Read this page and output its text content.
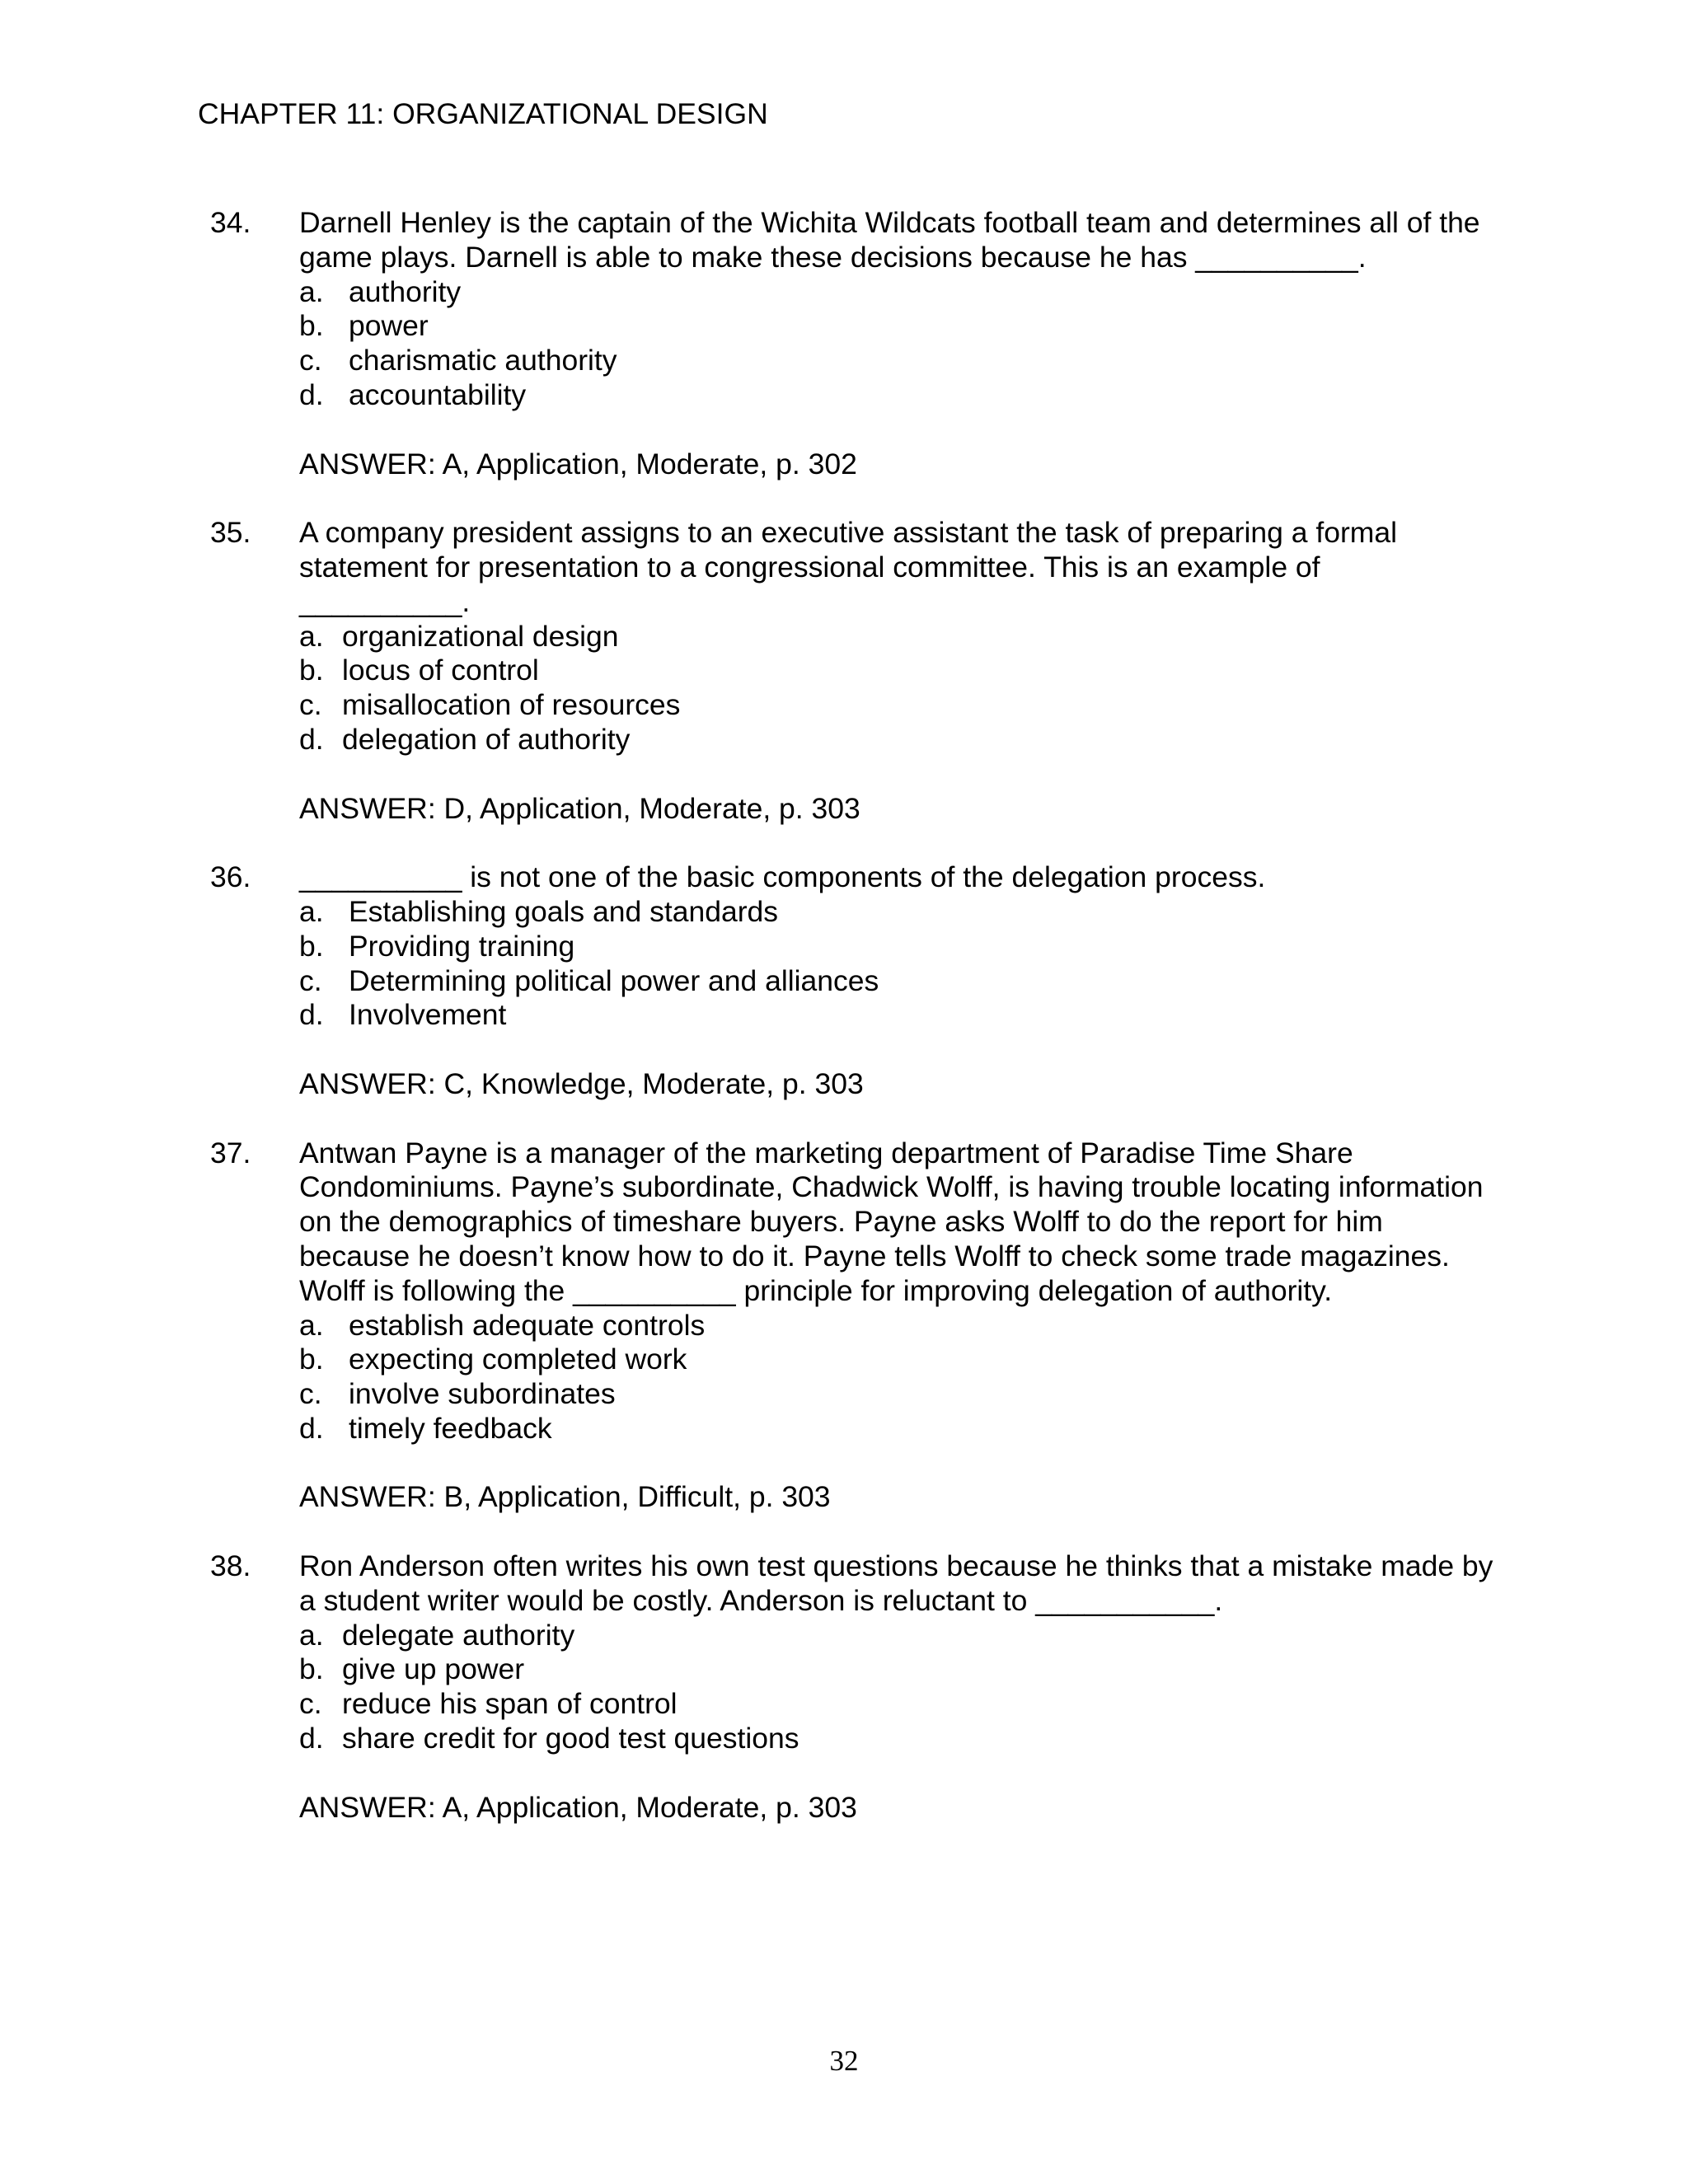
CHAPTER 11: ORGANIZATIONAL DESIGN
34. Darnell Henley is the captain of the Wichita Wildcats football team and determines all of the game plays. Darnell is able to make these decisions because he has __________.

a. authority
b. power
c. charismatic authority
d. accountability

ANSWER: A, Application, Moderate, p. 302

35. A company president assigns to an executive assistant the task of preparing a formal statement for presentation to a congressional committee. This is an example of __________.

a. organizational design
b. locus of control
c. misallocation of resources
d. delegation of authority

ANSWER: D, Application, Moderate, p. 303

36. __________ is not one of the basic components of the delegation process.

a. Establishing goals and standards
b. Providing training
c. Determining political power and alliances
d. Involvement

ANSWER: C, Knowledge, Moderate, p. 303

37. Antwan Payne is a manager of the marketing department of Paradise Time Share Condominiums. Payne’s subordinate, Chadwick Wolff, is having trouble locating information on the demographics of timeshare buyers. Payne asks Wolff to do the report for him because he doesn’t know how to do it. Payne tells Wolff to check some trade magazines. Wolff is following the __________ principle for improving delegation of authority.

a. establish adequate controls
b. expecting completed work
c. involve subordinates
d. timely feedback

ANSWER: B, Application, Difficult, p. 303

38. Ron Anderson often writes his own test questions because he thinks that a mistake made by a student writer would be costly. Anderson is reluctant to ___________.

a. delegate authority
b. give up power
c. reduce his span of control
d. share credit for good test questions

ANSWER: A, Application, Moderate, p. 303

32
